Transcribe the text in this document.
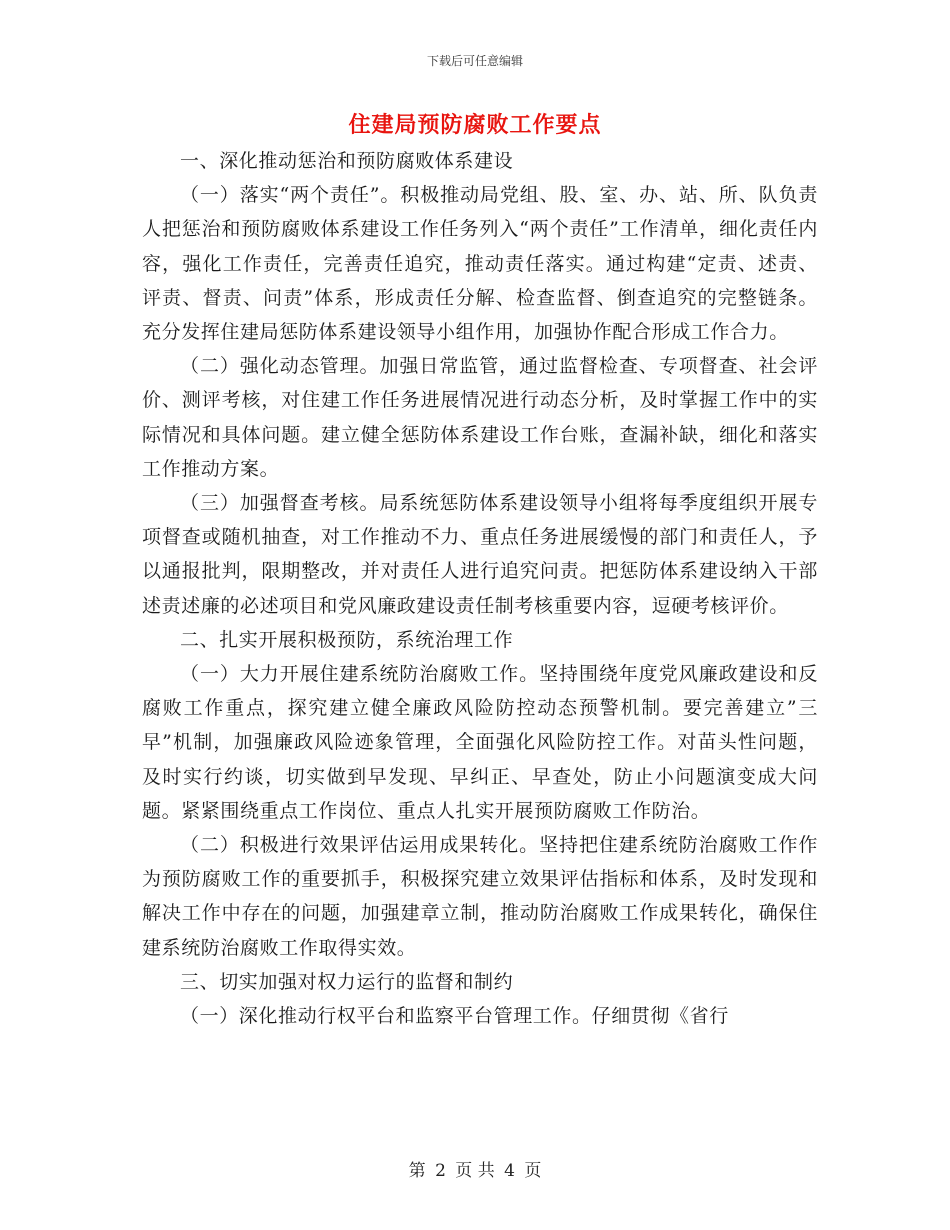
下载后可任意编辑
住建局预防腐败工作要点

一、深化推动惩治和预防腐败体系建设

（一）落实“两个责任”。积极推动局党组、股、室、办、站、所、队负责人把惩治和预防腐败体系建设工作任务列入“两个责任”工作清单，细化责任内容，强化工作责任，完善责任追究，推动责任落实。通过构建“定责、述责、评责、督责、问责”体系，形成责任分解、检查监督、倒查追究的完整链条。充分发挥住建局惩防体系建设领导小组作用，加强协作配合形成工作合力。

（二）强化动态管理。加强日常监管，通过监督检查、专项督查、社会评价、测评考核，对住建工作任务进展情况进行动态分析，及时掌握工作中的实际情况和具体问题。建立健全惩防体系建设工作台账，查漏补缺，细化和落实工作推动方案。

（三）加强督查考核。局系统惩防体系建设领导小组将每季度组织开展专项督查或随机抽查，对工作推动不力、重点任务进展缓慢的部门和责任人，予以通报批判，限期整改，并对责任人进行追究问责。把惩防体系建设纳入干部述责述廉的必述项目和党风廉政建设责任制考核重要内容，逗硬考核评价。

二、扎实开展积极预防，系统治理工作

（一）大力开展住建系统防治腐败工作。坚持围绕年度党风廉政建设和反腐败工作重点，探究建立健全廉政风险防控动态预警机制。要完善建立”三早”机制，加强廉政风险迹象管理，全面强化风险防控工作。对苗头性问题，及时实行约谈，切实做到早发现、早纠正、早查处，防止小问题演变成大问题。紧紧围绕重点工作岗位、重点人扎实开展预防腐败工作防治。

（二）积极进行效果评估运用成果转化。坚持把住建系统防治腐败工作作为预防腐败工作的重要抓手，积极探究建立效果评估指标和体系，及时发现和解决工作中存在的问题，加强建章立制，推动防治腐败工作成果转化，确保住建系统防治腐败工作取得实效。

三、切实加强对权力运行的监督和制约

（一）深化推动行权平台和监察平台管理工作。仔细贯彻《省行

第 2 页 共 4 页
